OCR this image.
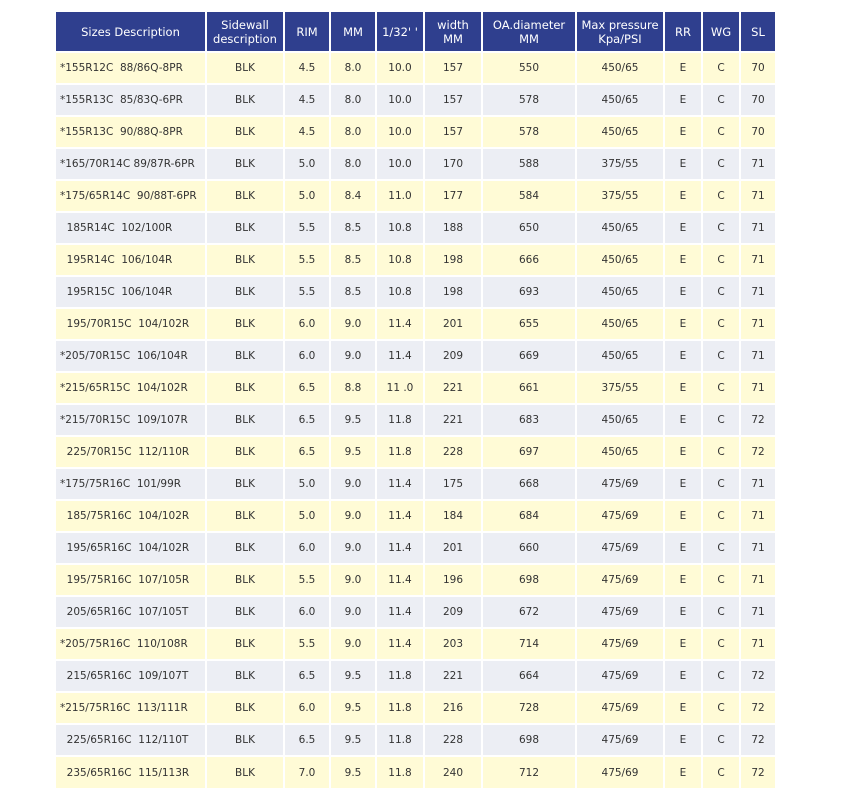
Sizes Description	Sidewall description	RIM	MM	1/32' '	width MM	OA.diameter MM	Max pressure Kpa/PSI	RR	WG	SL
*155R12C  88/86Q-8PR	BLK	4.5	8.0	10.0	157	550	450/65	E	C	70
*155R13C  85/83Q-6PR	BLK	4.5	8.0	10.0	157	578	450/65	E	C	70
*155R13C  90/88Q-8PR	BLK	4.5	8.0	10.0	157	578	450/65	E	C	70
*165/70R14C 89/87R-6PR	BLK	5.0	8.0	10.0	170	588	375/55	E	C	71
*175/65R14C  90/88T-6PR	BLK	5.0	8.4	11.0	177	584	375/55	E	C	71
185R14C  102/100R	BLK	5.5	8.5	10.8	188	650	450/65	E	C	71
195R14C  106/104R	BLK	5.5	8.5	10.8	198	666	450/65	E	C	71
195R15C  106/104R	BLK	5.5	8.5	10.8	198	693	450/65	E	C	71
195/70R15C  104/102R	BLK	6.0	9.0	11.4	201	655	450/65	E	C	71
*205/70R15C  106/104R	BLK	6.0	9.0	11.4	209	669	450/65	E	C	71
*215/65R15C  104/102R	BLK	6.5	8.8	11 .0	221	661	375/55	E	C	71
*215/70R15C  109/107R	BLK	6.5	9.5	11.8	221	683	450/65	E	C	72
225/70R15C  112/110R	BLK	6.5	9.5	11.8	228	697	450/65	E	C	72
*175/75R16C  101/99R	BLK	5.0	9.0	11.4	175	668	475/69	E	C	71
185/75R16C  104/102R	BLK	5.0	9.0	11.4	184	684	475/69	E	C	71
195/65R16C  104/102R	BLK	6.0	9.0	11.4	201	660	475/69	E	C	71
195/75R16C  107/105R	BLK	5.5	9.0	11.4	196	698	475/69	E	C	71
205/65R16C  107/105T	BLK	6.0	9.0	11.4	209	672	475/69	E	C	71
*205/75R16C  110/108R	BLK	5.5	9.0	11.4	203	714	475/69	E	C	71
215/65R16C  109/107T	BLK	6.5	9.5	11.8	221	664	475/69	E	C	72
*215/75R16C  113/111R	BLK	6.0	9.5	11.8	216	728	475/69	E	C	72
225/65R16C  112/110T	BLK	6.5	9.5	11.8	228	698	475/69	E	C	72
235/65R16C  115/113R	BLK	7.0	9.5	11.8	240	712	475/69	E	C	72
